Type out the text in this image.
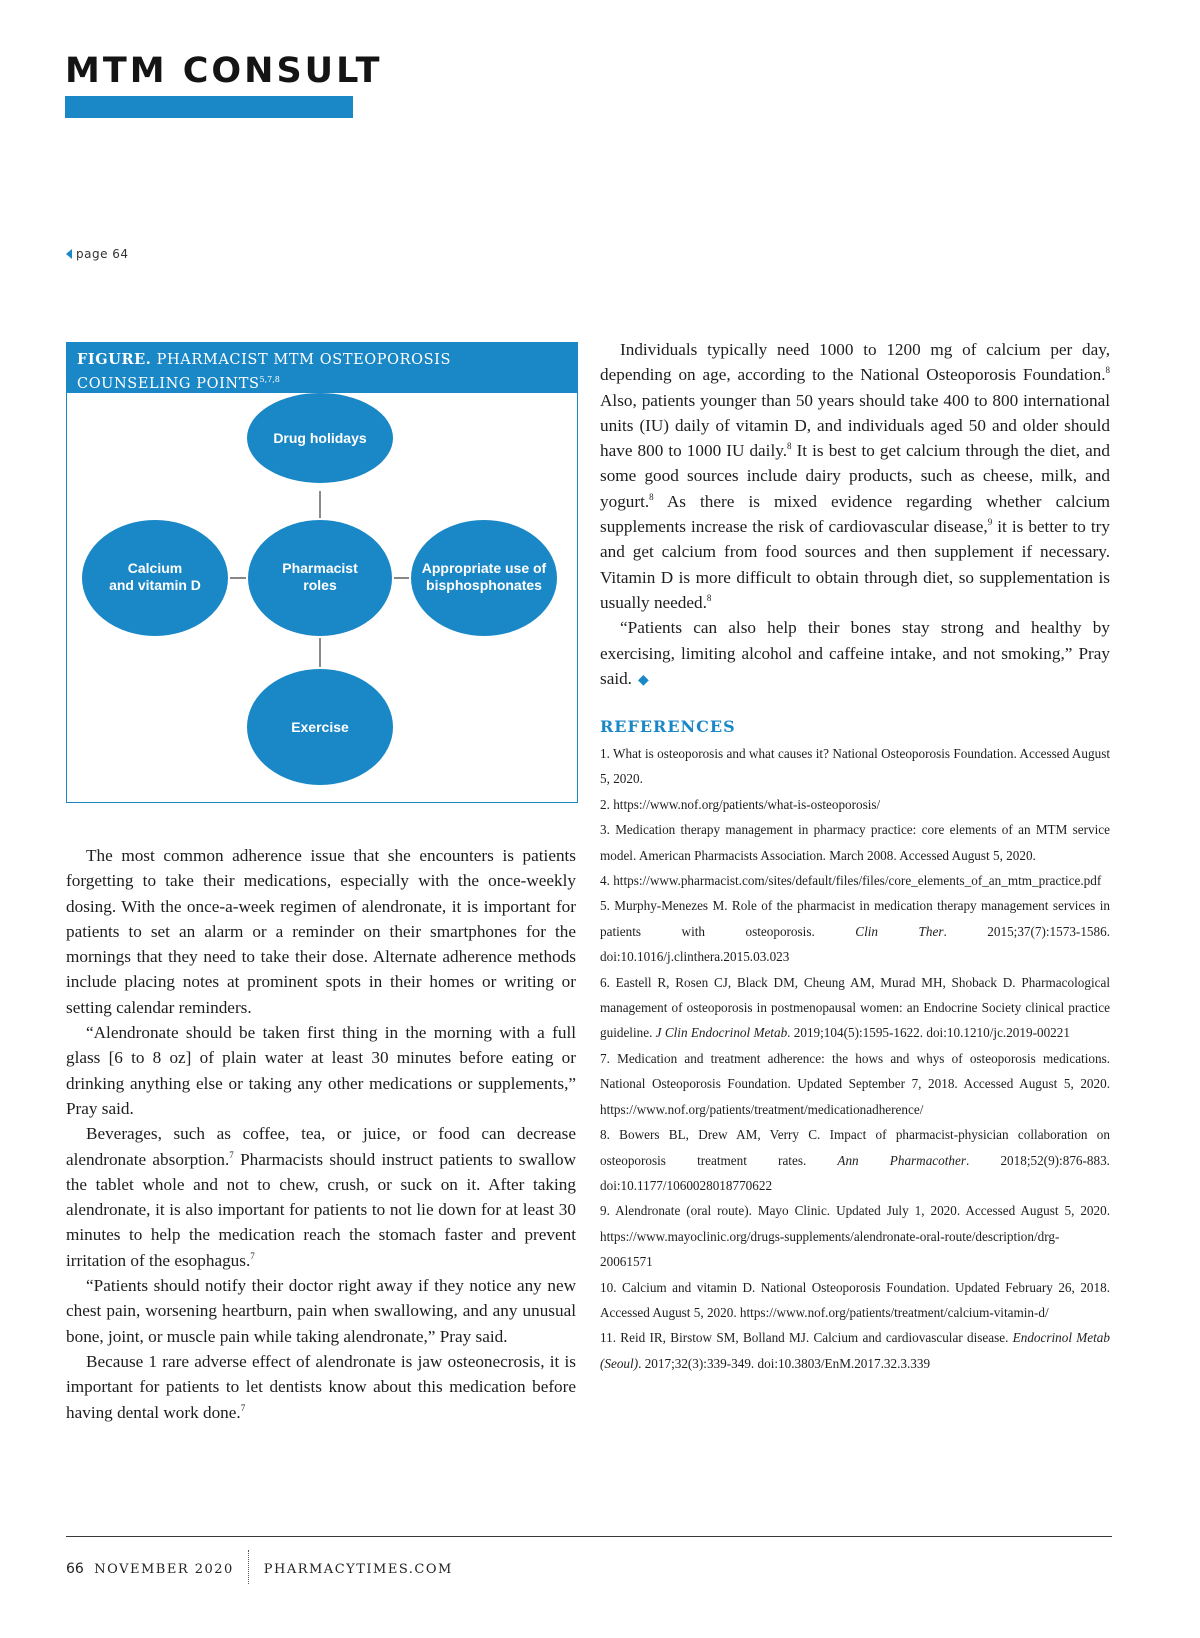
MTM CONSULT
page 64
FIGURE. PHARMACIST MTM OSTEOPOROSIS COUNSELING POINTS$^{5,7,8}$
Drug holidays
Pharmacist
roles
Calcium
and vitamin D
Appropriate use of
bisphosphonates
Exercise

The most common adherence issue that she encounters is patients forgetting to take their medications, especially with the once-weekly dosing. With the once-a-week regimen of alendronate, it is important for patients to set an alarm or a reminder on their smartphones for the mornings that they need to take their dose. Alternate adherence methods include placing notes at prominent spots in their homes or writing or setting calendar reminders.

“Alendronate should be taken first thing in the morning with a full glass [6 to 8 oz] of plain water at least 30 minutes before eating or drinking anything else or taking any other medications or supplements,” Pray said.

Beverages, such as coffee, tea, or juice, or food can decrease alendronate absorption.$^7$ Pharmacists should instruct patients to swallow the tablet whole and not to chew, crush, or suck on it. After taking alendronate, it is also important for patients to not lie down for at least 30 minutes to help the medication reach the stomach faster and prevent irritation of the esophagus.$^7$

“Patients should notify their doctor right away if they notice any new chest pain, worsening heartburn, pain when swallowing, and any unusual bone, joint, or muscle pain while taking alendronate,” Pray said.

Because 1 rare adverse effect of alendronate is jaw osteonecrosis, it is important for patients to let dentists know about this medication before having dental work done.$^7$

Individuals typically need 1000 to 1200 mg of calcium per day, depending on age, according to the National Osteoporosis Foundation.$^8$ Also, patients younger than 50 years should take 400 to 800 international units (IU) daily of vitamin D, and individuals aged 50 and older should have 800 to 1000 IU daily.$^8$ It is best to get calcium through the diet, and some good sources include dairy products, such as cheese, milk, and yogurt.$^8$ As there is mixed evidence regarding whether calcium supplements increase the risk of cardiovascular disease,$^9$ it is better to try and get calcium from food sources and then supplement if necessary. Vitamin D is more difficult to obtain through diet, so supplementation is usually needed.$^8$

“Patients can also help their bones stay strong and healthy by exercising, limiting alcohol and caffeine intake, and not smoking,” Pray said. ◆

REFERENCES
1. What is osteoporosis and what causes it? National Osteoporosis Foundation. Accessed August 5, 2020.
2. https://www.nof.org/patients/what-is-osteoporosis/
3. Medication therapy management in pharmacy practice: core elements of an MTM service model. American Pharmacists Association. March 2008. Accessed August 5, 2020.
4. https://www.pharmacist.com/sites/default/files/files/core_elements_of_an_mtm_practice.pdf
5. Murphy-Menezes M. Role of the pharmacist in medication therapy management services in patients with osteoporosis. Clin Ther. 2015;37(7):1573-1586. doi:10.1016/j.clinthera.2015.03.023
6. Eastell R, Rosen CJ, Black DM, Cheung AM, Murad MH, Shoback D. Pharmacological management of osteoporosis in postmenopausal women: an Endocrine Society clinical practice guideline. J Clin Endocrinol Metab. 2019;104(5):1595-1622. doi:10.1210/jc.2019-00221
7. Medication and treatment adherence: the hows and whys of osteoporosis medications. National Osteoporosis Foundation. Updated September 7, 2018. Accessed August 5, 2020. https://www.nof.org/patients/treatment/medicationadherence/
8. Bowers BL, Drew AM, Verry C. Impact of pharmacist-physician collaboration on osteoporosis treatment rates. Ann Pharmacother. 2018;52(9):876-883. doi:10.1177/1060028018770622
9. Alendronate (oral route). Mayo Clinic. Updated July 1, 2020. Accessed August 5, 2020. https://www.mayoclinic.org/drugs-supplements/alendronate-oral-route/description/drg-20061571
10. Calcium and vitamin D. National Osteoporosis Foundation. Updated February 26, 2018. Accessed August 5, 2020. https://www.nof.org/patients/treatment/calcium-vitamin-d/
11. Reid IR, Birstow SM, Bolland MJ. Calcium and cardiovascular disease. Endocrinol Metab (Seoul). 2017;32(3):339-349. doi:10.3803/EnM.2017.32.3.339
66 NOVEMBER 2020 PHARMACYTIMES.COM
